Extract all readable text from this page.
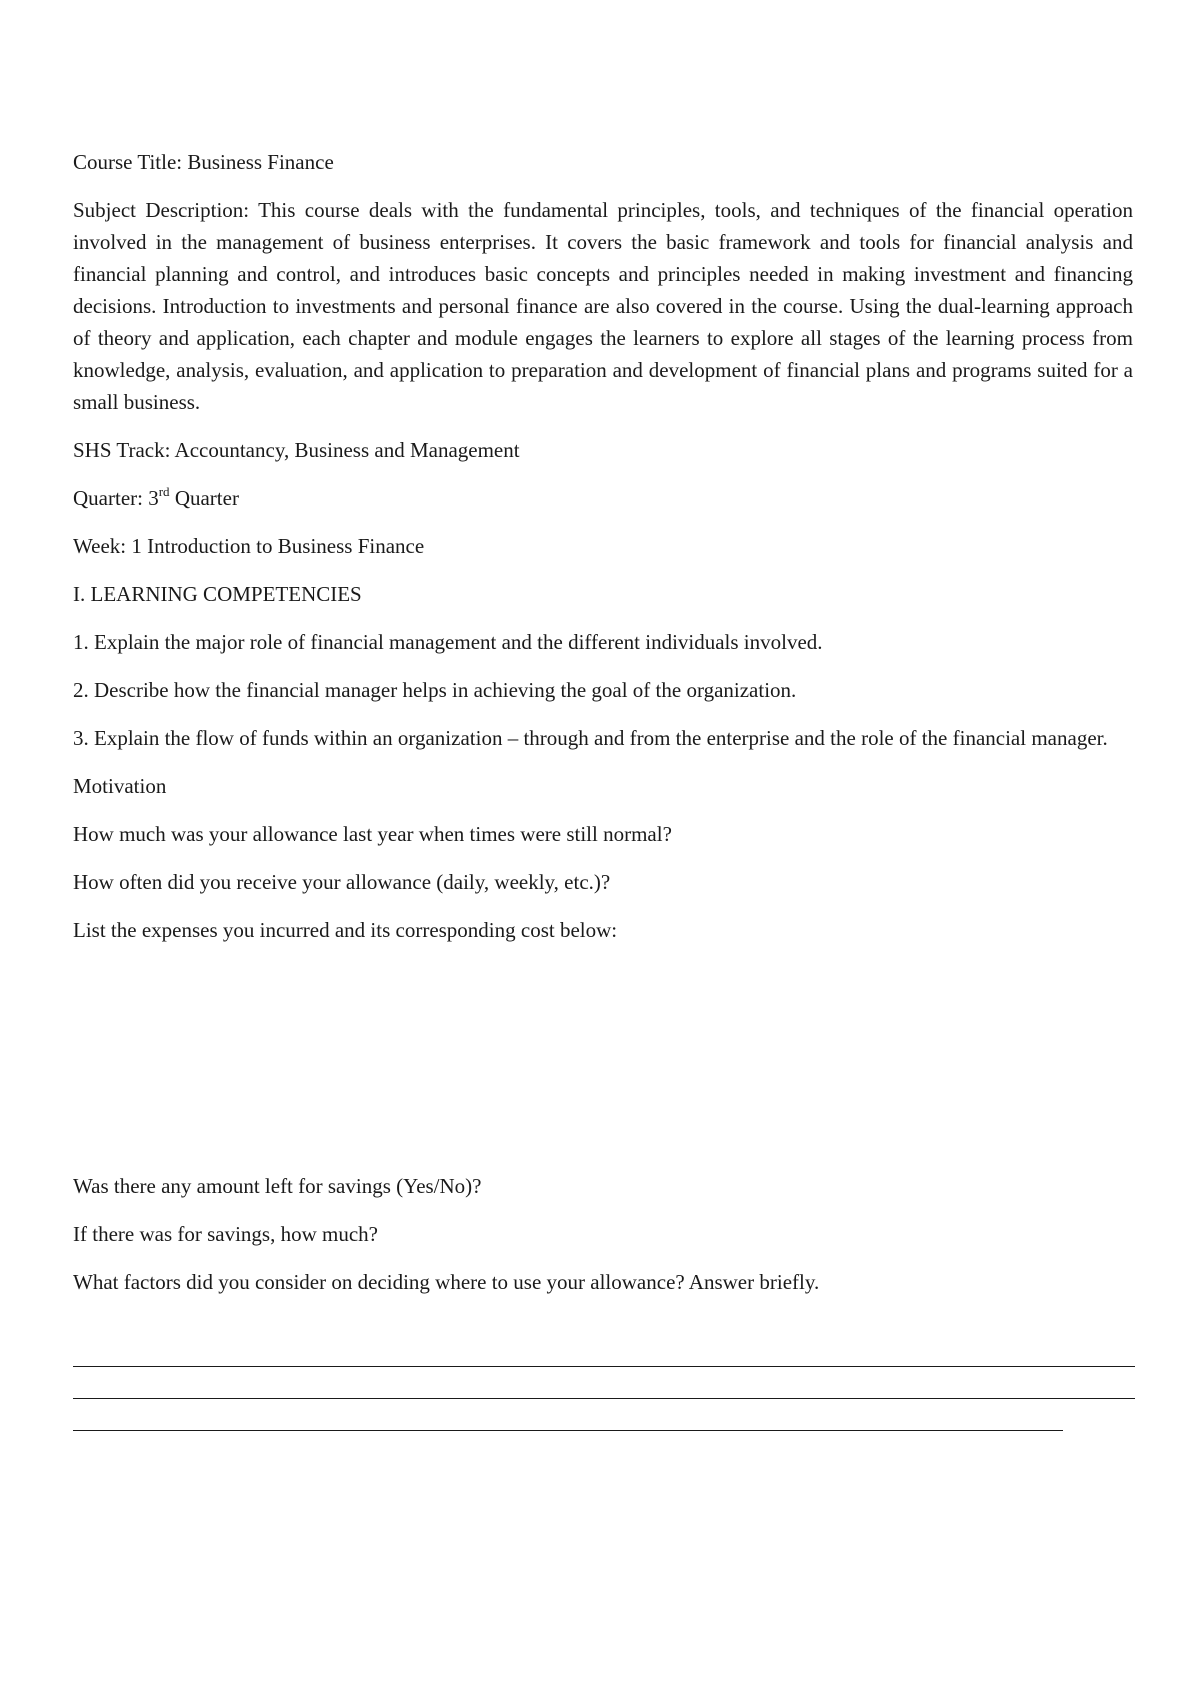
Course Title: Business Finance

Subject Description: This course deals with the fundamental principles, tools, and techniques of the financial operation involved in the management of business enterprises. It covers the basic framework and tools for financial analysis and financial planning and control, and introduces basic concepts and principles needed in making investment and financing decisions. Introduction to investments and personal finance are also covered in the course. Using the dual-learning approach of theory and application, each chapter and module engages the learners to explore all stages of the learning process from knowledge, analysis, evaluation, and application to preparation and development of financial plans and programs suited for a small business.

SHS Track: Accountancy, Business and Management

Quarter: 3rd Quarter

Week: 1 Introduction to Business Finance

I. LEARNING COMPETENCIES

1. Explain the major role of financial management and the different individuals involved.

2. Describe how the financial manager helps in achieving the goal of the organization.

3. Explain the flow of funds within an organization – through and from the enterprise and the role of the financial manager.

Motivation

How much was your allowance last year when times were still normal?

How often did you receive your allowance (daily, weekly, etc.)?

List the expenses you incurred and its corresponding cost below:

Was there any amount left for savings (Yes/No)?

If there was for savings, how much?

What factors did you consider on deciding where to use your allowance? Answer briefly.
